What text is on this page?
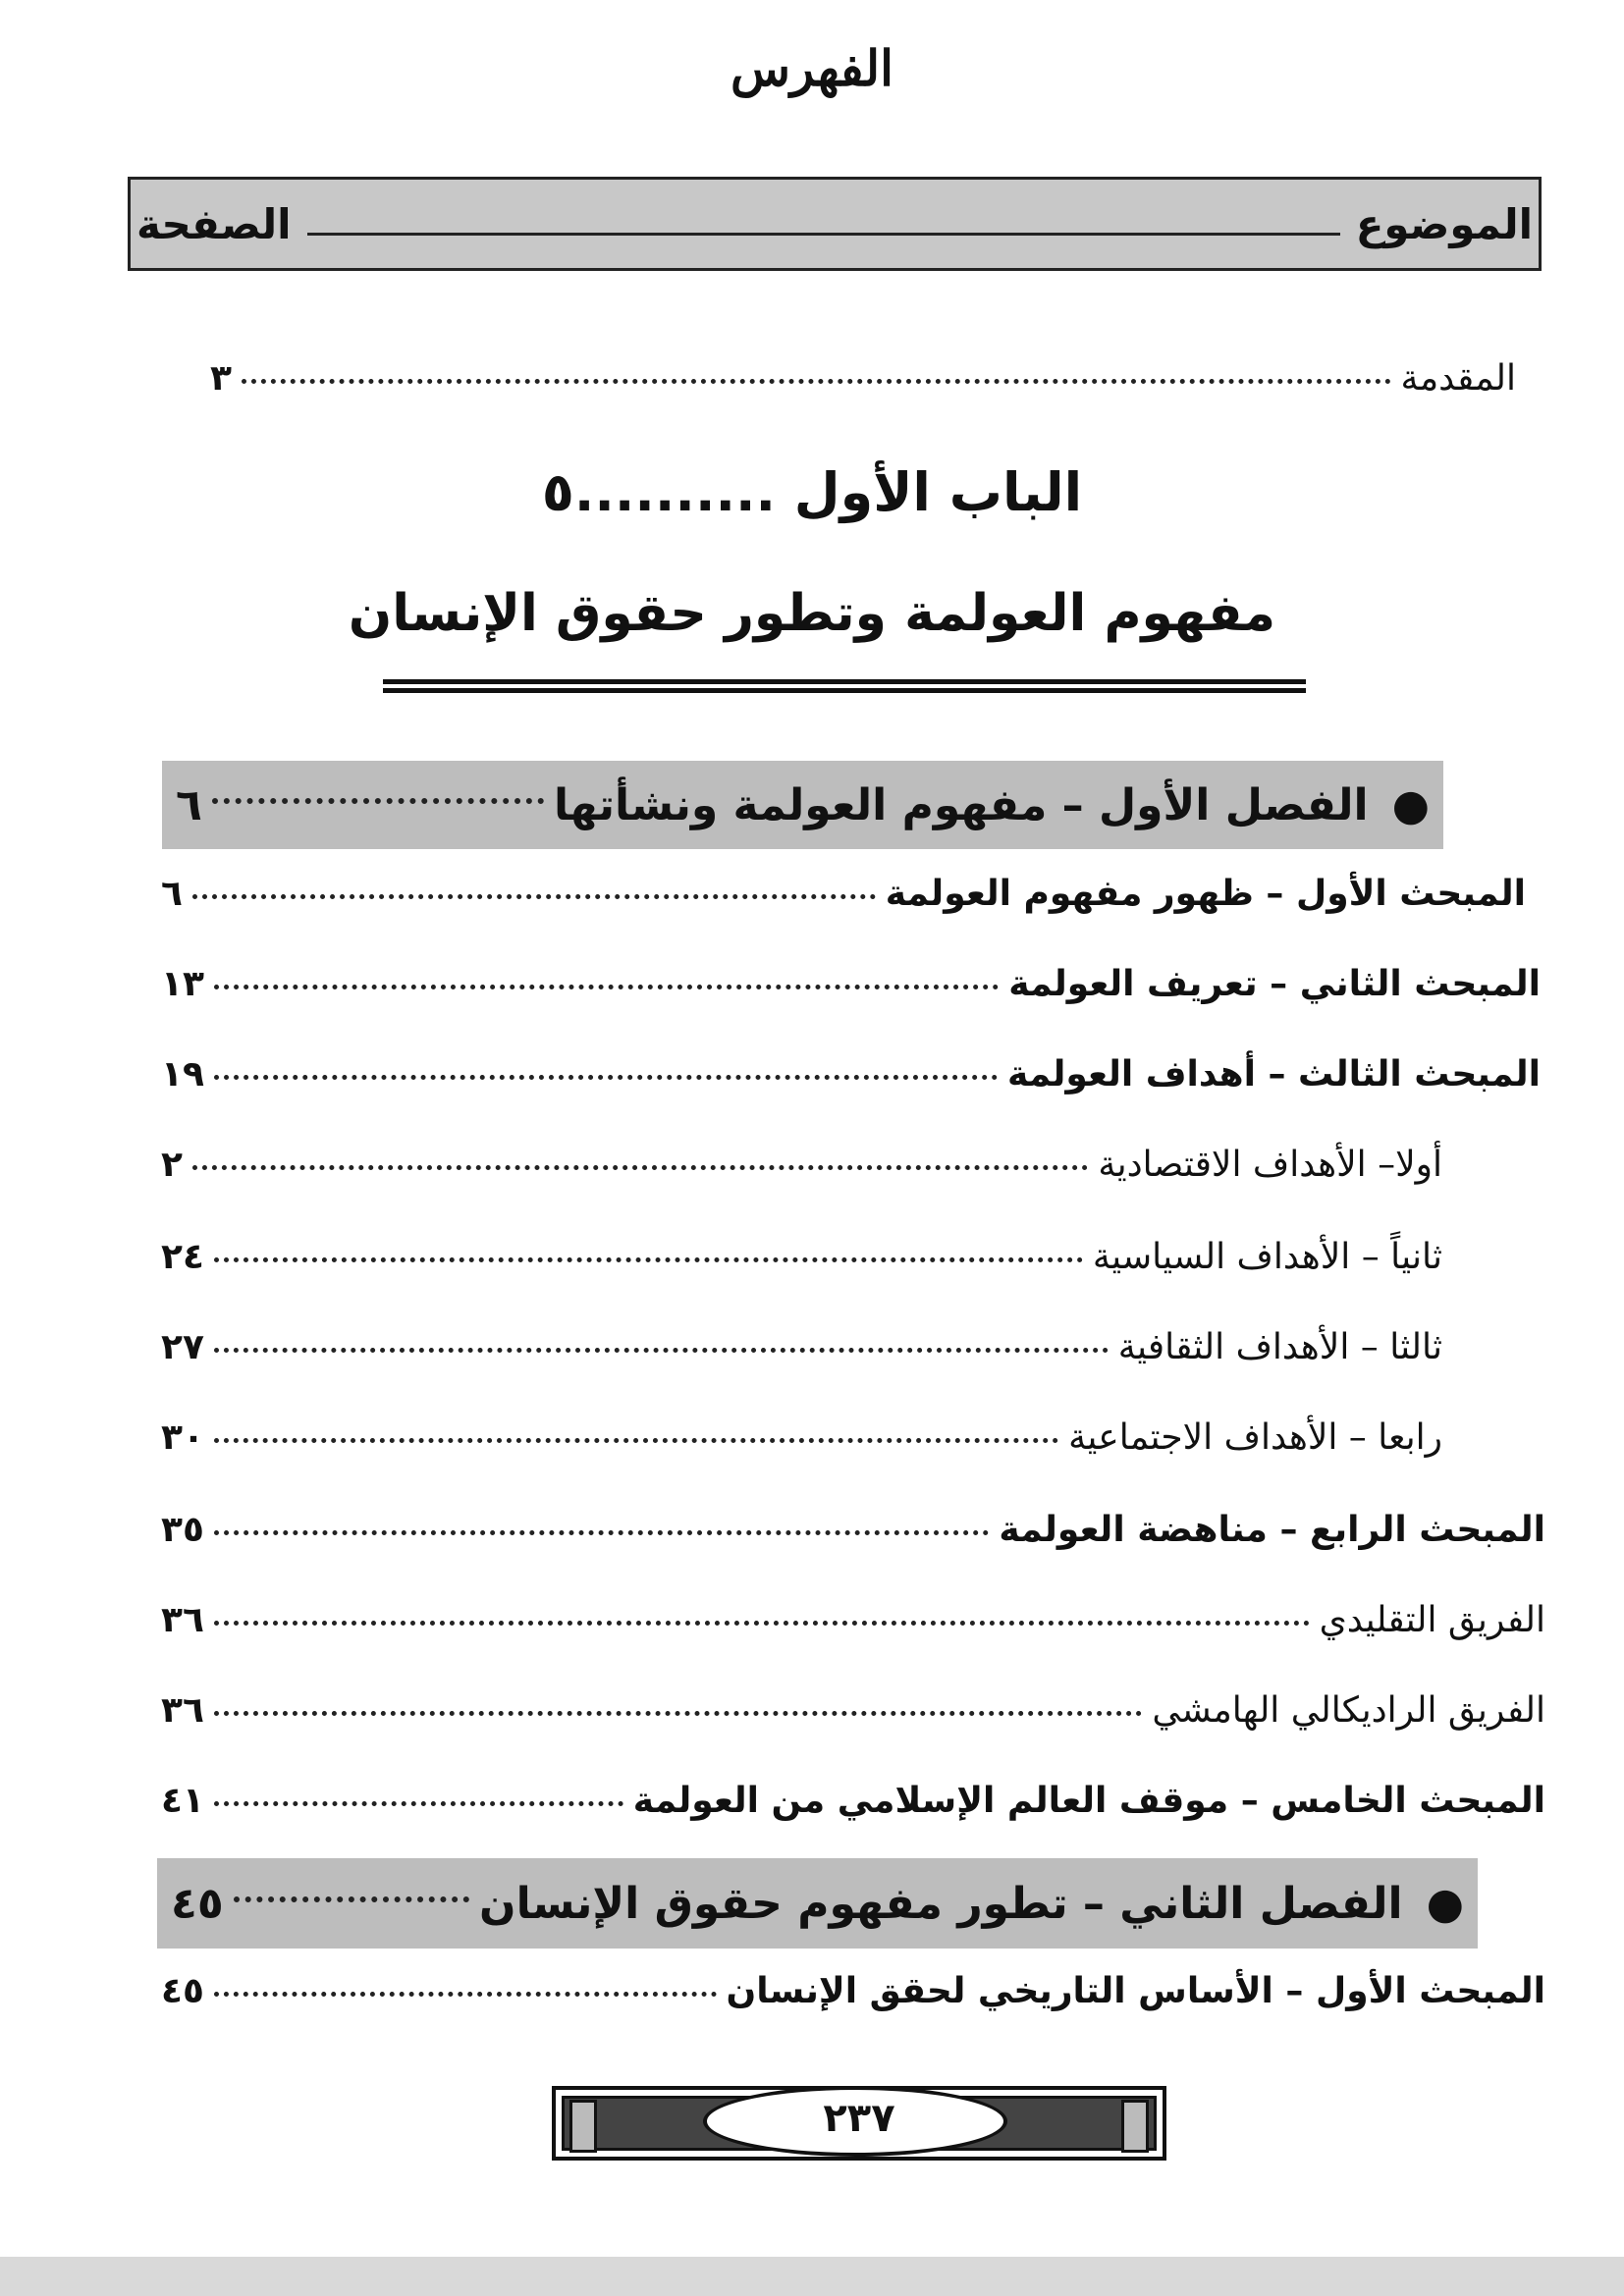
الفهرس
الموضوع
الصفحة
المقدمة
٣
الباب الأول ..........٥
مفهوم العولمة وتطور حقوق الإنسان
●
الفصل الأول – مفهوم العولمة ونشأتها
٦
المبحث الأول – ظهور مفهوم العولمة
٦
المبحث الثاني – تعريف العولمة
١٣
المبحث الثالث – أهداف العولمة
١٩
أولا– الأهداف الاقتصادية
٢
ثانياً – الأهداف السياسية
٢٤
ثالثا – الأهداف الثقافية
٢٧
رابعا – الأهداف الاجتماعية
٣٠
المبحث الرابع – مناهضة العولمة
٣٥
الفريق التقليدي
٣٦
الفريق الراديكالي الهامشي
٣٦
المبحث الخامس – موقف العالم الإسلامي من العولمة
٤١
●
الفصل الثاني – تطور مفهوم حقوق الإنسان
٤٥
المبحث الأول – الأساس التاريخي لحقق الإنسان
٤٥
٢٣٧
